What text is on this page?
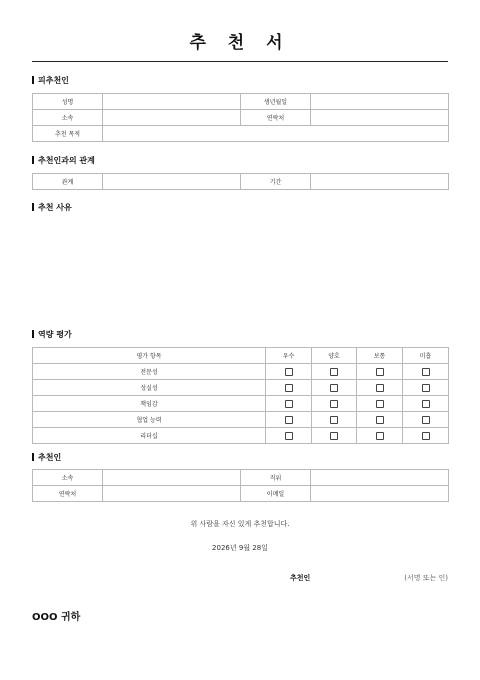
추 천 서
피추천인
성명		생년월일	
소속		연락처	
추천 목적			
추천인과의 관계
관계		기간	
추천 사유
역량 평가
평가 항목	우수	양호	보통	미흡
전문성				
성실성				
책임감				
협업 능력				
리더십				
추천인
소속		직위	
연락처		이메일	
위 사람을 자신 있게 추천합니다.
2026년 9월 28일
추천인	(서명 또는 인)
OOO 귀하
